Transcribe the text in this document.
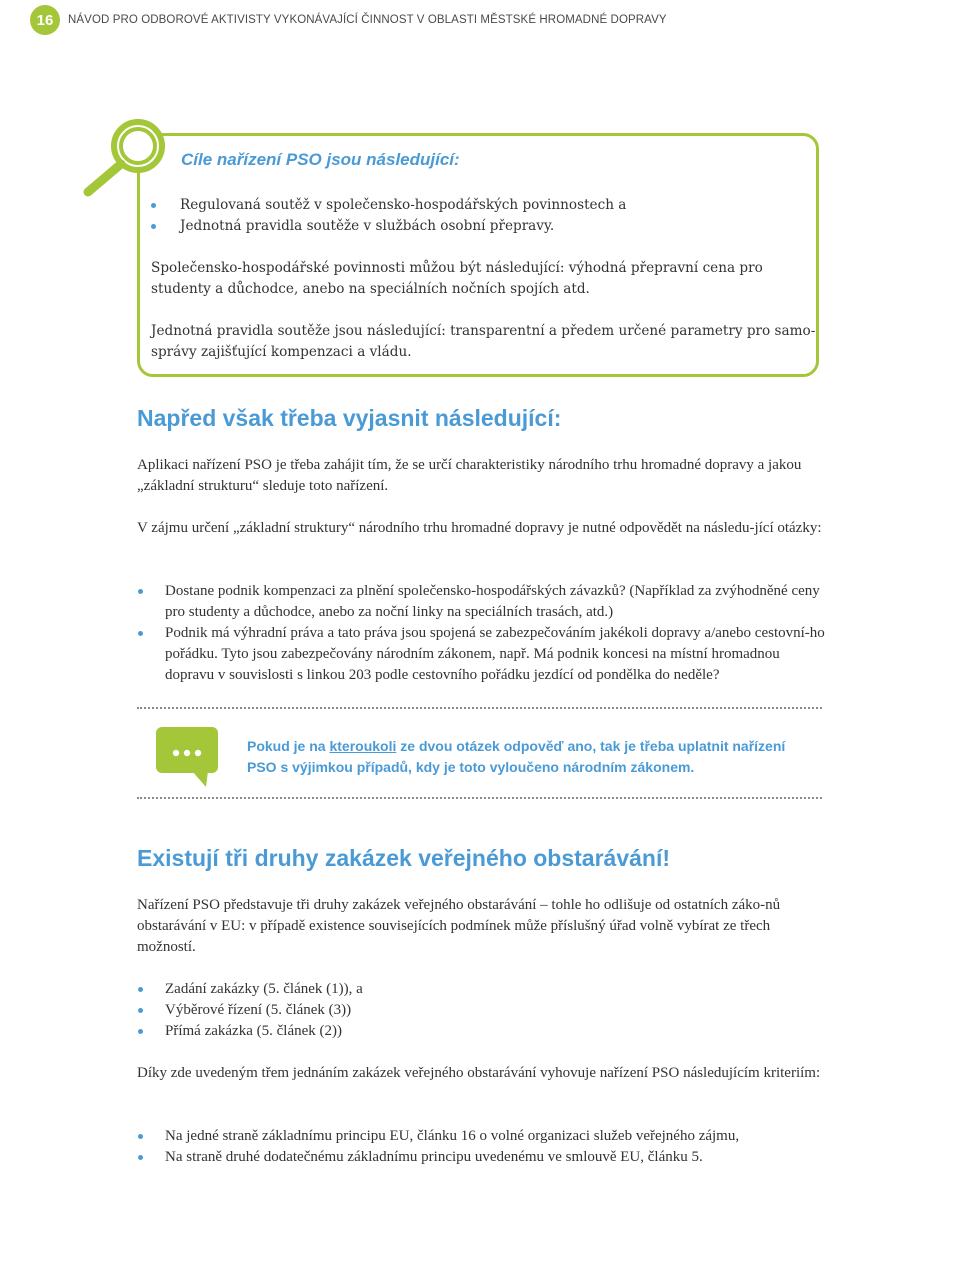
16	NÁVOD PRO ODBOROVÉ AKTIVISTY VYKONÁVAJÍCÍ ČINNOST V OBLASTI MĚSTSKÉ HROMADNÉ DOPRAVY
Cíle nařízení PSO jsou následující:
Regulovaná soutěž v společensko-hospodářských povinnostech a
Jednotná pravidla soutěže v službách osobní přepravy.

Společensko-hospodářské povinnosti můžou být následující: výhodná přepravní cena pro studenty a důchodce, anebo na speciálních nočních spojích atd.

Jednotná pravidla soutěže jsou následující: transparentní a předem určené parametry pro samo-správy zajišťující kompenzaci a vládu.

Napřed však třeba vyjasnit následující:

Aplikaci nařízení PSO je třeba zahájit tím, že se určí charakteristiky národního trhu hromadné dopravy a jakou „základní strukturu“ sleduje toto nařízení.

V zájmu určení „základní struktury“ národního trhu hromadné dopravy je nutné odpovědět na následu-jící otázky:

Dostane podnik kompenzaci za plnění společensko-hospodářských závazků? (Například za zvýhodněné ceny pro studenty a důchodce, anebo za noční linky na speciálních trasách, atd.)
Podnik má výhradní práva a tato práva jsou spojená se zabezpečováním jakékoli dopravy a/anebo cestovní-ho pořádku. Tyto jsou zabezpečovány národním zákonem, např. Má podnik koncesi na místní hromadnou dopravu v souvislosti s linkou 203 podle cestovního pořádku jezdící od pondělka do neděle?

Pokud je na kteroukoli ze dvou otázek odpověď ano, tak je třeba uplatnit nařízení PSO s výjimkou případů, kdy je toto vyloučeno národním zákonem.

Existují tři druhy zakázek veřejného obstarávání!

Nařízení PSO představuje tři druhy zakázek veřejného obstarávání – tohle ho odlišuje od ostatních záko-nů obstarávání v EU: v případě existence souvisejících podmínek může příslušný úřad volně vybírat ze třech možností.

Zadání zakázky (5. článek (1)), a
Výběrové řízení (5. článek (3))
Přímá zakázka (5. článek (2))

Díky zde uvedeným třem jednáním zakázek veřejného obstarávání vyhovuje nařízení PSO následujícím kriteriím:

Na jedné straně základnímu principu EU, článku 16 o volné organizaci služeb veřejného zájmu,
Na straně druhé dodatečnému základnímu principu uvedenému ve smlouvě EU, článku 5.
